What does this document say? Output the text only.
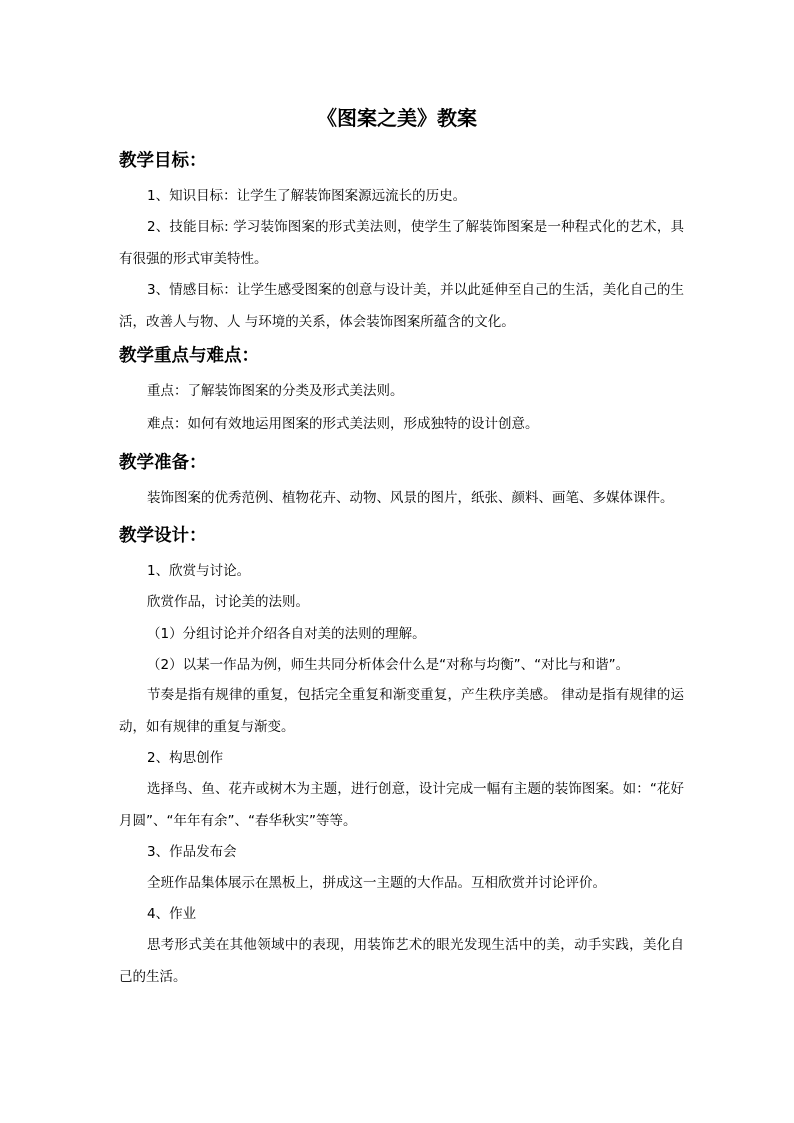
《图案之美》教案
教学目标：

1、知识目标：让学生了解装饰图案源远流长的历史。

2、技能目标: 学习装饰图案的形式美法则，使学生了解装饰图案是一种程式化的艺术，具有很强的形式审美特性。

3、情感目标：让学生感受图案的创意与设计美，并以此延伸至自己的生活，美化自己的生活，改善人与物、人 与环境的关系，体会装饰图案所蕴含的文化。

教学重点与难点：

重点：了解装饰图案的分类及形式美法则。

难点：如何有效地运用图案的形式美法则，形成独特的设计创意。

教学准备：

装饰图案的优秀范例、植物花卉、动物、风景的图片，纸张、颜料、画笔、多媒体课件。

教学设计：

1、欣赏与讨论。

欣赏作品，讨论美的法则。

（1）分组讨论并介绍各自对美的法则的理解。

（2）以某一作品为例，师生共同分析体会什么是“对称与均衡”、“对比与和谐”。

节奏是指有规律的重复，包括完全重复和渐变重复，产生秩序美感。 律动是指有规律的运动，如有规律的重复与渐变。

2、构思创作

选择鸟、鱼、花卉或树木为主题，进行创意，设计完成一幅有主题的装饰图案。如：“花好月圆”、“年年有余”、“春华秋实”等等。

3、作品发布会

全班作品集体展示在黑板上，拼成这一主题的大作品。互相欣赏并讨论评价。

4、作业

思考形式美在其他领域中的表现，用装饰艺术的眼光发现生活中的美，动手实践，美化自己的生活。
